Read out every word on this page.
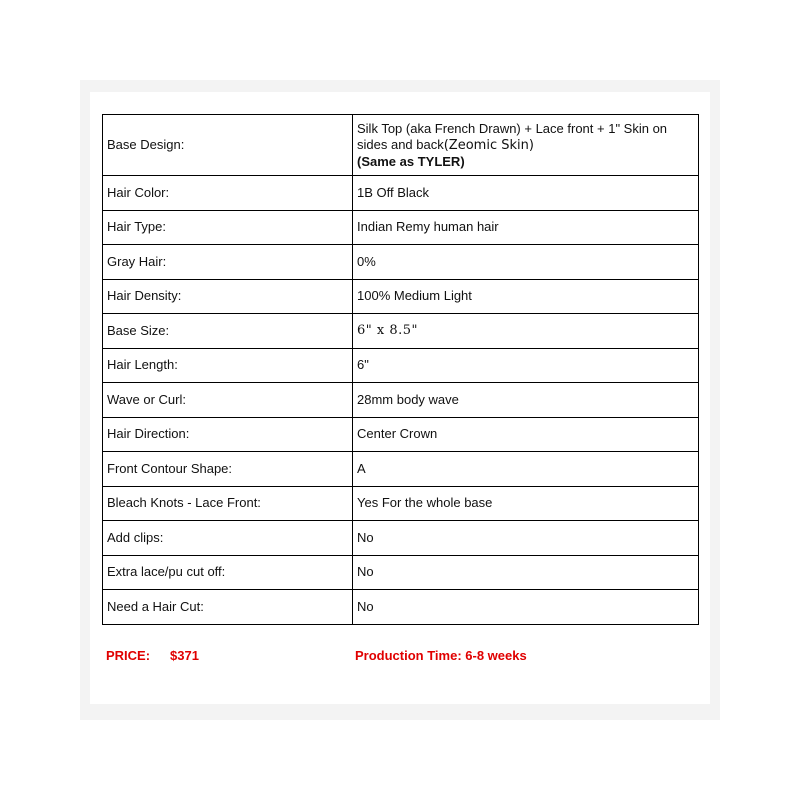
Base Design:	Silk Top (aka French Drawn) + Lace front + 1" Skin on sides and back(Zeomic Skin)
(Same as TYLER)
Hair Color:	1B Off Black
Hair Type:	Indian Remy human hair
Gray Hair:	0%
Hair Density:	100% Medium Light
Base Size:	6" x 8.5"
Hair Length:	6"
Wave or Curl:	28mm body wave
Hair Direction:	Center Crown
Front Contour Shape:	A
Bleach Knots - Lace Front:	Yes For the whole base
Add clips:	No
Extra lace/pu cut off:	No
Need a Hair Cut:	No
PRICE: $371	Production Time: 6-8 weeks
